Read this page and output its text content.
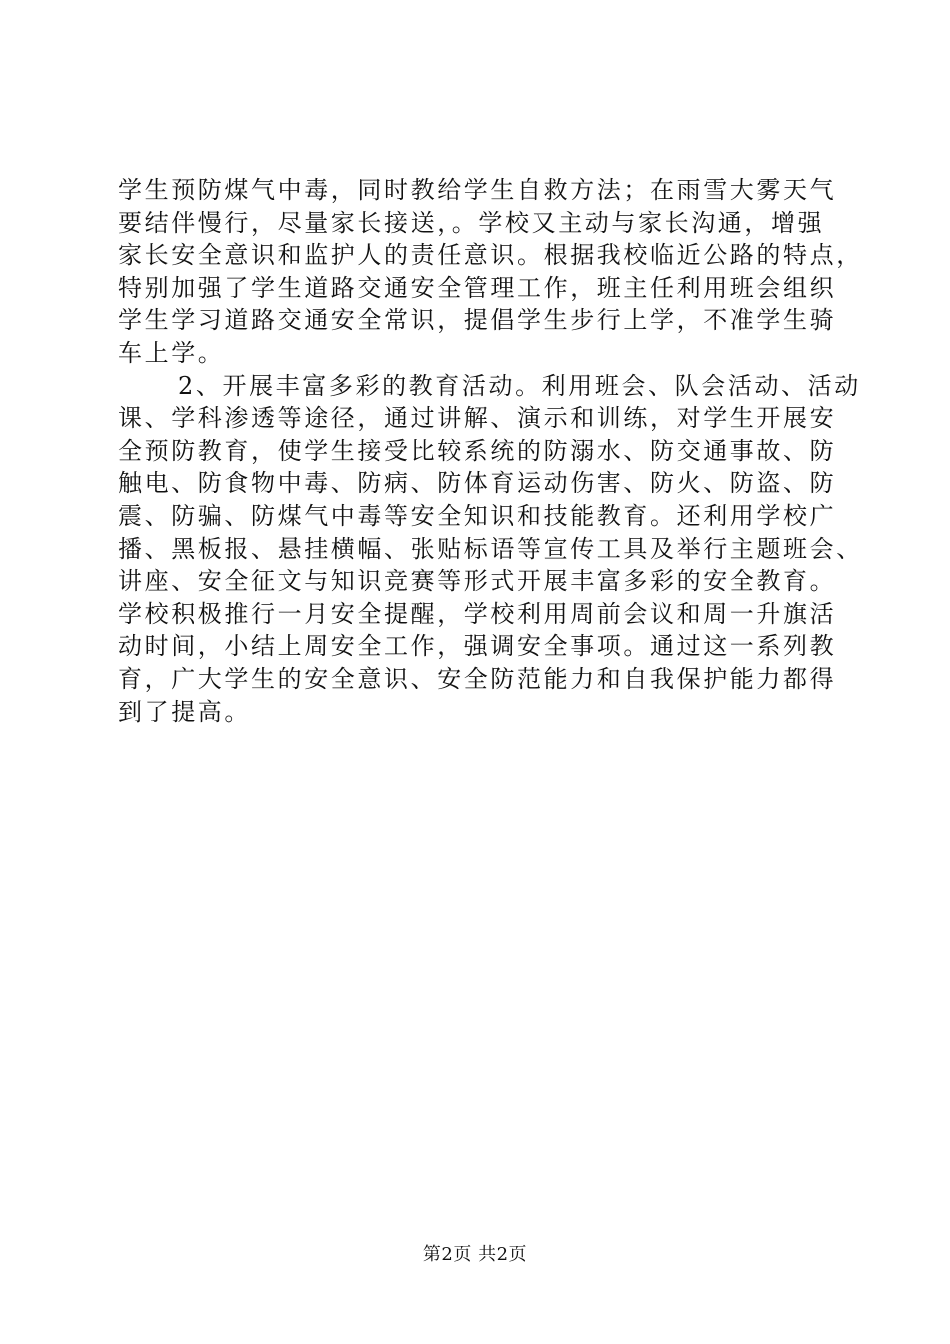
学生预防煤气中毒，同时教给学生自救方法；在雨雪大雾天气
要结伴慢行，尽量家长接送，。学校又主动与家长沟通，增强
家长安全意识和监护人的责任意识。根据我校临近公路的特点，
特别加强了学生道路交通安全管理工作，班主任利用班会组织
学生学习道路交通安全常识，提倡学生步行上学，不准学生骑
车上学。
2、开展丰富多彩的教育活动。利用班会、队会活动、活动
课、学科渗透等途径，通过讲解、演示和训练，对学生开展安
全预防教育，使学生接受比较系统的防溺水、防交通事故、防
触电、防食物中毒、防病、防体育运动伤害、防火、防盗、防
震、防骗、防煤气中毒等安全知识和技能教育。还利用学校广
播、黑板报、悬挂横幅、张贴标语等宣传工具及举行主题班会、
讲座、安全征文与知识竞赛等形式开展丰富多彩的安全教育。
学校积极推行一月安全提醒，学校利用周前会议和周一升旗活
动时间，小结上周安全工作，强调安全事项。通过这一系列教
育，广大学生的安全意识、安全防范能力和自我保护能力都得
到了提高。
第2页 共2页
